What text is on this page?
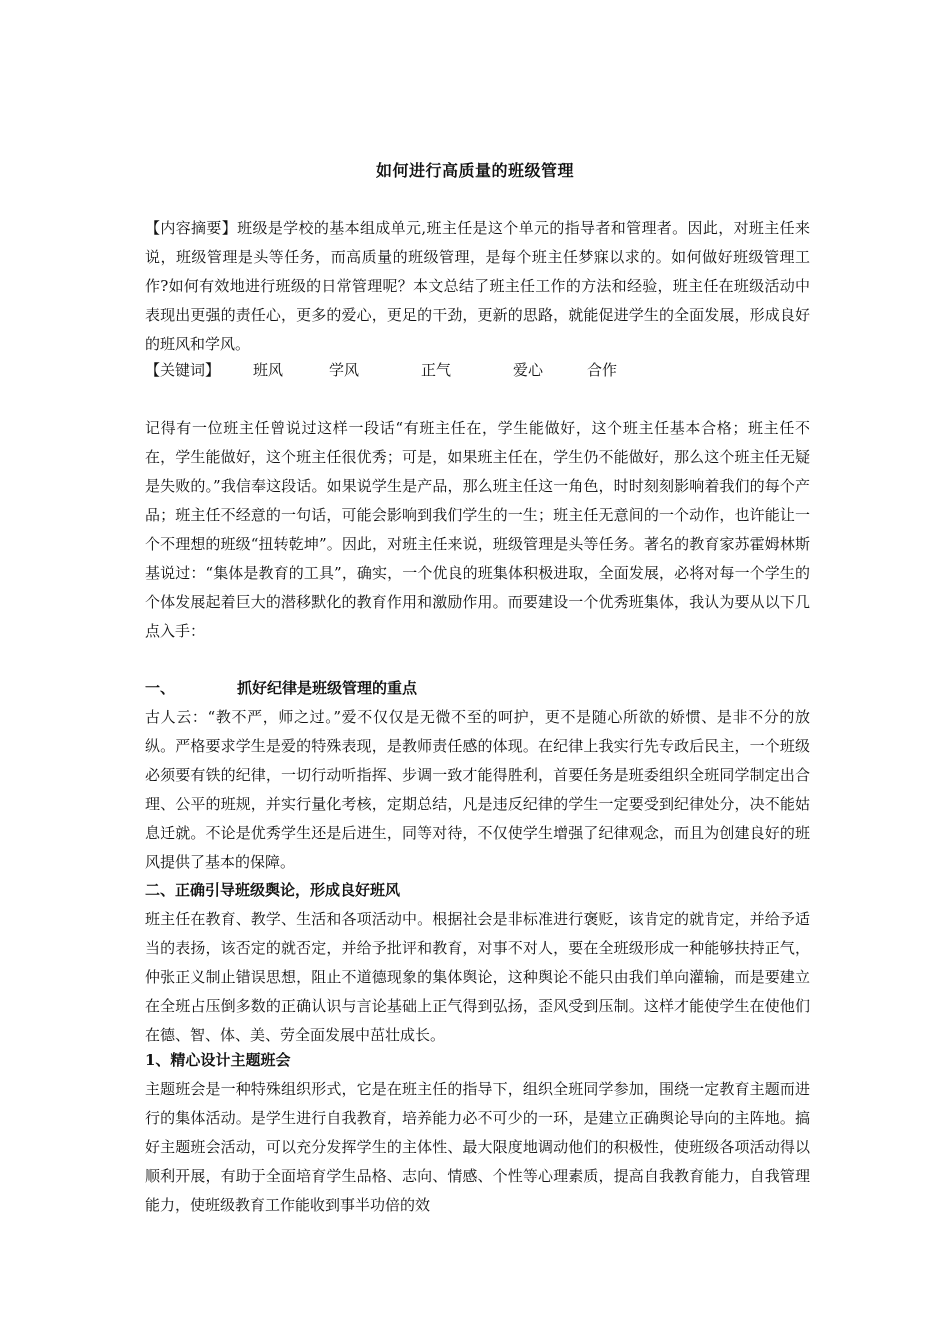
如何进行高质量的班级管理
【内容摘要】班级是学校的基本组成单元,班主任是这个单元的指导者和管理者。因此，对班主任来说，班级管理是头等任务，而高质量的班级管理，是每个班主任梦寐以求的。如何做好班级管理工作?如何有效地进行班级的日常管理呢？本文总结了班主任工作的方法和经验，班主任在班级活动中表现出更强的责任心，更多的爱心，更足的干劲，更新的思路，就能促进学生的全面发展，形成良好的班风和学风。
【关键词】 班风	学风	正气	爱心	合作
记得有一位班主任曾说过这样一段话“有班主任在，学生能做好，这个班主任基本合格；班主任不在，学生能做好，这个班主任很优秀；可是，如果班主任在，学生仍不能做好，那么这个班主任无疑是失败的。”我信奉这段话。如果说学生是产品，那么班主任这一角色，时时刻刻影响着我们的每个产品；班主任不经意的一句话，可能会影响到我们学生的一生；班主任无意间的一个动作，也许能让一个不理想的班级“扭转乾坤”。因此，对班主任来说，班级管理是头等任务。著名的教育家苏霍姆林斯基说过：“集体是教育的工具”，确实，一个优良的班集体积极进取，全面发展，必将对每一个学生的个体发展起着巨大的潜移默化的教育作用和激励作用。而要建设一个优秀班集体，我认为要从以下几点入手：

一、	抓好纪律是班级管理的重点

古人云：“教不严，师之过。”爱不仅仅是无微不至的呵护，更不是随心所欲的娇惯、是非不分的放纵。严格要求学生是爱的特殊表现，是教师责任感的体现。在纪律上我实行先专政后民主，一个班级必须要有铁的纪律，一切行动听指挥、步调一致才能得胜利，首要任务是班委组织全班同学制定出合理、公平的班规，并实行量化考核，定期总结，凡是违反纪律的学生一定要受到纪律处分，决不能姑息迁就。不论是优秀学生还是后进生，同等对待，不仅使学生增强了纪律观念，而且为创建良好的班风提供了基本的保障。

二、正确引导班级舆论，形成良好班风

班主任在教育、教学、生活和各项活动中。根据社会是非标准进行褒贬，该肯定的就肯定，并给予适当的表扬，该否定的就否定，并给予批评和教育，对事不对人，要在全班级形成一种能够扶持正气，仲张正义制止错误思想，阻止不道德现象的集体舆论，这种舆论不能只由我们单向灌输，而是要建立在全班占压倒多数的正确认识与言论基础上正气得到弘扬，歪风受到压制。这样才能使学生在使他们在德、智、体、美、劳全面发展中茁壮成长。

1、精心设计主题班会

主题班会是一种特殊组织形式，它是在班主任的指导下，组织全班同学参加，围绕一定教育主题而进行的集体活动。是学生进行自我教育，培养能力必不可少的一环，是建立正确舆论导向的主阵地。搞好主题班会活动，可以充分发挥学生的主体性、最大限度地调动他们的积极性，使班级各项活动得以顺利开展，有助于全面培育学生品格、志向、情感、个性等心理素质，提高自我教育能力，自我管理能力，使班级教育工作能收到事半功倍的效
